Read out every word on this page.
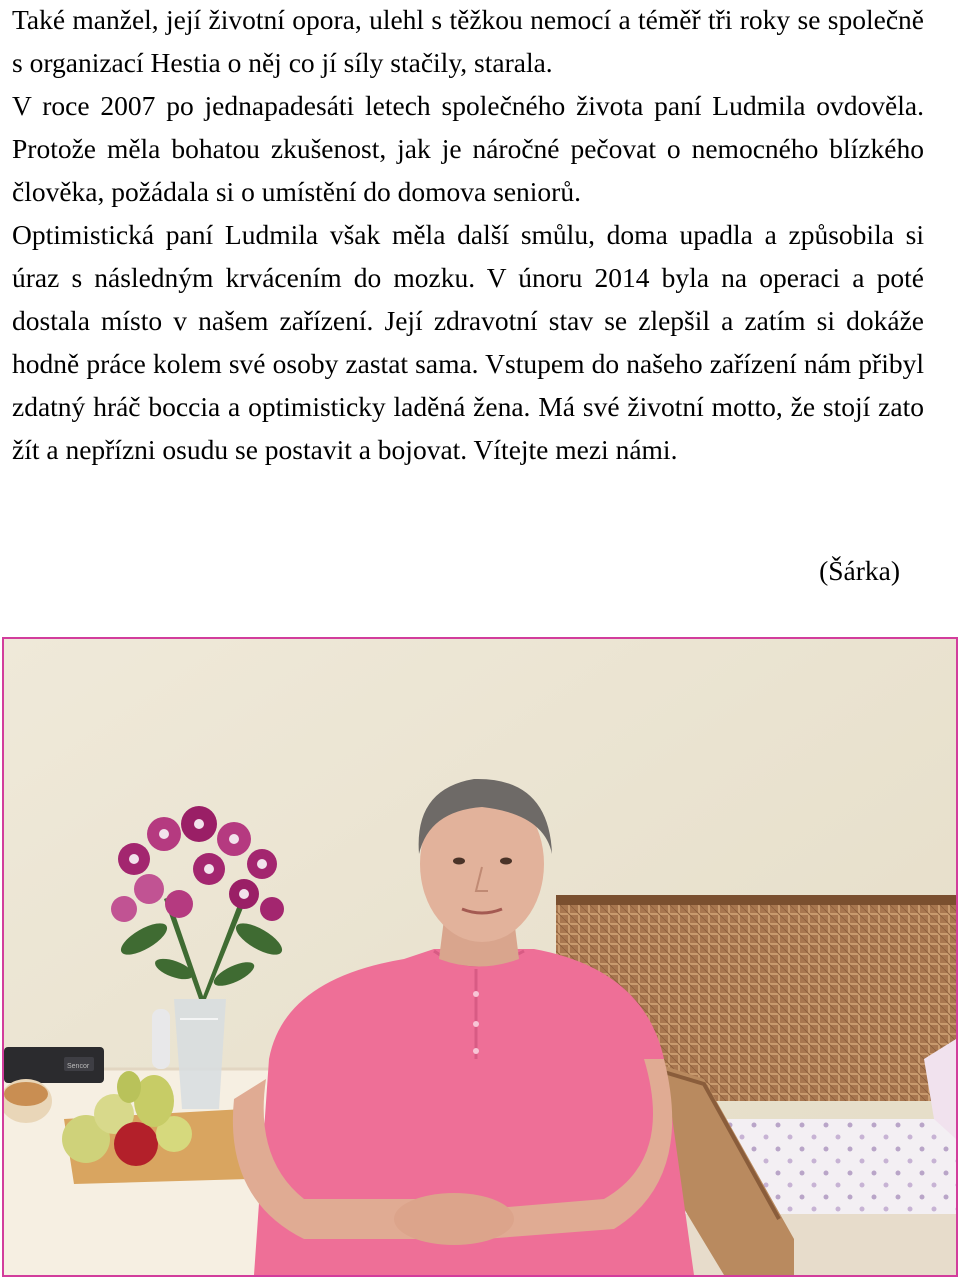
Také manžel, její životní opora, ulehl s těžkou nemocí a téměř tři roky se společně s organizací Hestia o něj co jí síly stačily, starala.

V roce 2007 po jednapadesáti letech společného života paní Ludmila ovdověla. Protože měla bohatou zkušenost, jak je náročné pečovat o nemocného blízkého člověka, požádala si o umístění do domova seniorů.

Optimistická paní Ludmila však měla další smůlu, doma upadla a způsobila si úraz s následným krvácením do mozku. V únoru 2014 byla na operaci a poté dostala místo v našem zařízení. Její zdravotní stav se zlepšil a zatím si dokáže hodně práce kolem své osoby zastat sama. Vstupem do našeho zařízení nám přibyl zdatný hráč boccia a optimisticky laděná žena. Má své životní motto, že stojí zato žít a nepřízni osudu se postavit a bojovat. Vítejte mezi námi.

(Šárka)
Sencor
